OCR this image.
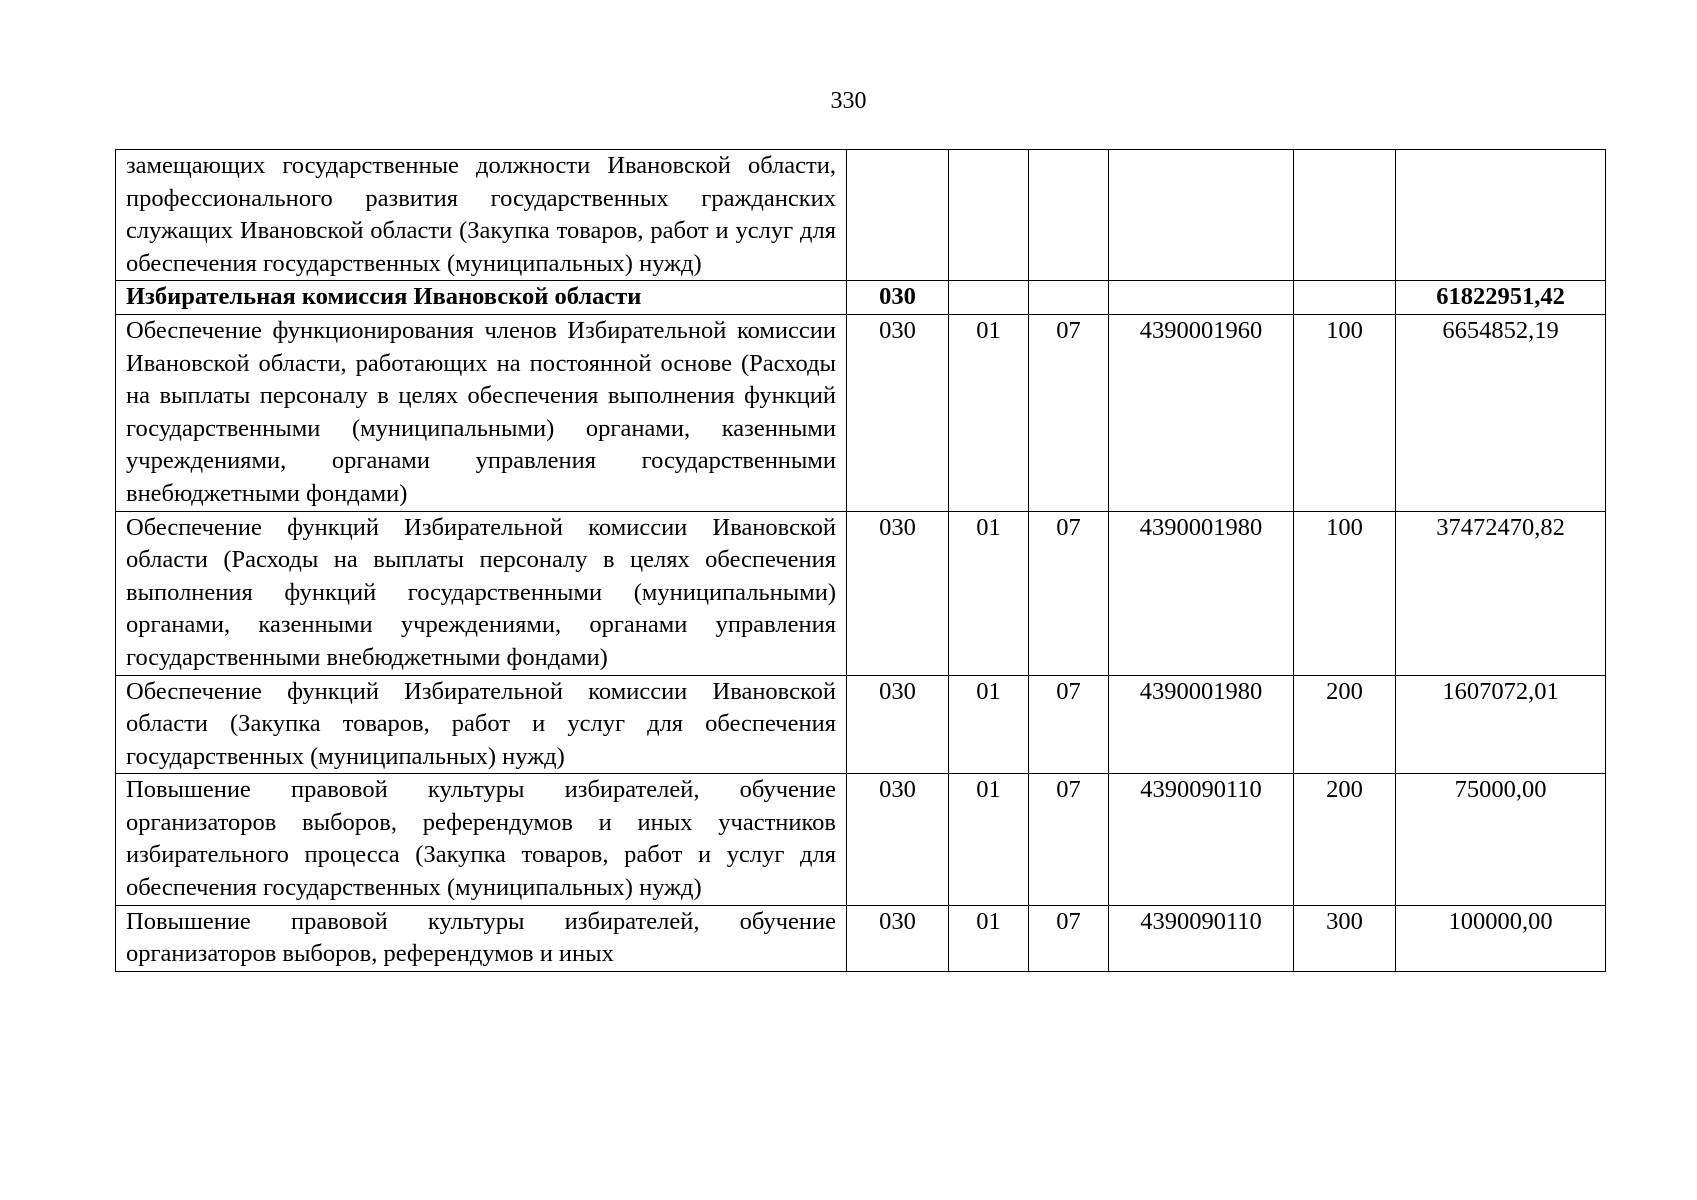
330
замещающих государственные должности Ивановской области, профессионального развития государственных гражданских служащих Ивановской области (Закупка товаров, работ и услуг для обеспечения государственных (муниципальных) нужд)						
Избирательная комиссия Ивановской области	030					61822951,42
Обеспечение функционирования членов Избирательной комиссии Ивановской области, работающих на постоянной основе (Расходы на выплаты персоналу в целях обеспечения выполнения функций государственными (муниципальными) органами, казенными учреждениями, органами управления государственными внебюджетными фондами)	030	01	07	4390001960	100	6654852,19
Обеспечение функций Избирательной комиссии Ивановской области (Расходы на выплаты персоналу в целях обеспечения выполнения функций государственными (муниципальными) органами, казенными учреждениями, органами управления государственными внебюджетными фондами)	030	01	07	4390001980	100	37472470,82
Обеспечение функций Избирательной комиссии Ивановской области (Закупка товаров, работ и услуг для обеспечения государственных (муниципальных) нужд)	030	01	07	4390001980	200	1607072,01
Повышение правовой культуры избирателей, обучение организаторов выборов, референдумов и иных участников избирательного процесса (Закупка товаров, работ и услуг для обеспечения государственных (муниципальных) нужд)	030	01	07	4390090110	200	75000,00
Повышение правовой культуры избирателей, обучение организаторов выборов, референдумов и иных	030	01	07	4390090110	300	100000,00
